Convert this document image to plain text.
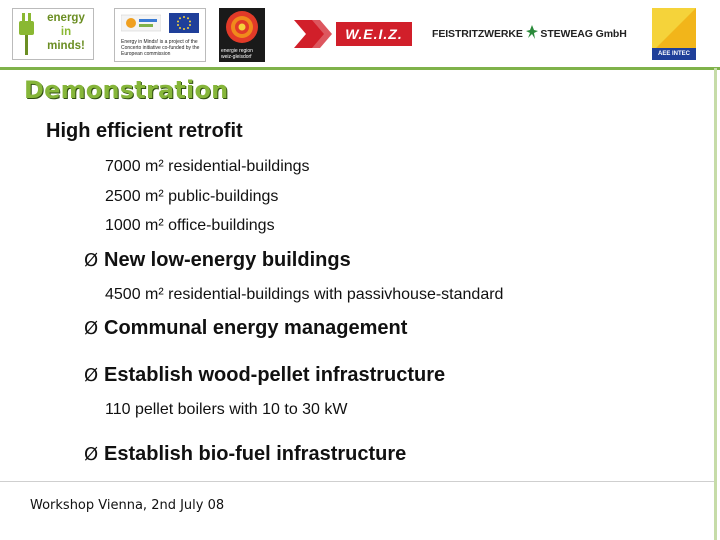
energy
in
minds!	Energy in Minds! is a project of the Concerto initiative co-funded by the European commission	energie region weiz-gleisdorf
W.E.I.Z.	FEISTRITZWERKE STEWEAG GmbH
AEE INTEC
Demonstration
High efficient retrofit
7000 m² residential-buildings
2500 m² public-buildings
1000 m² office-buildings
Ø New low-energy buildings
4500 m² residential-buildings with passivhouse-standard
Ø Communal energy management
Ø Establish wood-pellet infrastructure
110 pellet boilers with 10 to 30 kW
Ø Establish bio-fuel infrastructure
Workshop Vienna, 2nd July 08
